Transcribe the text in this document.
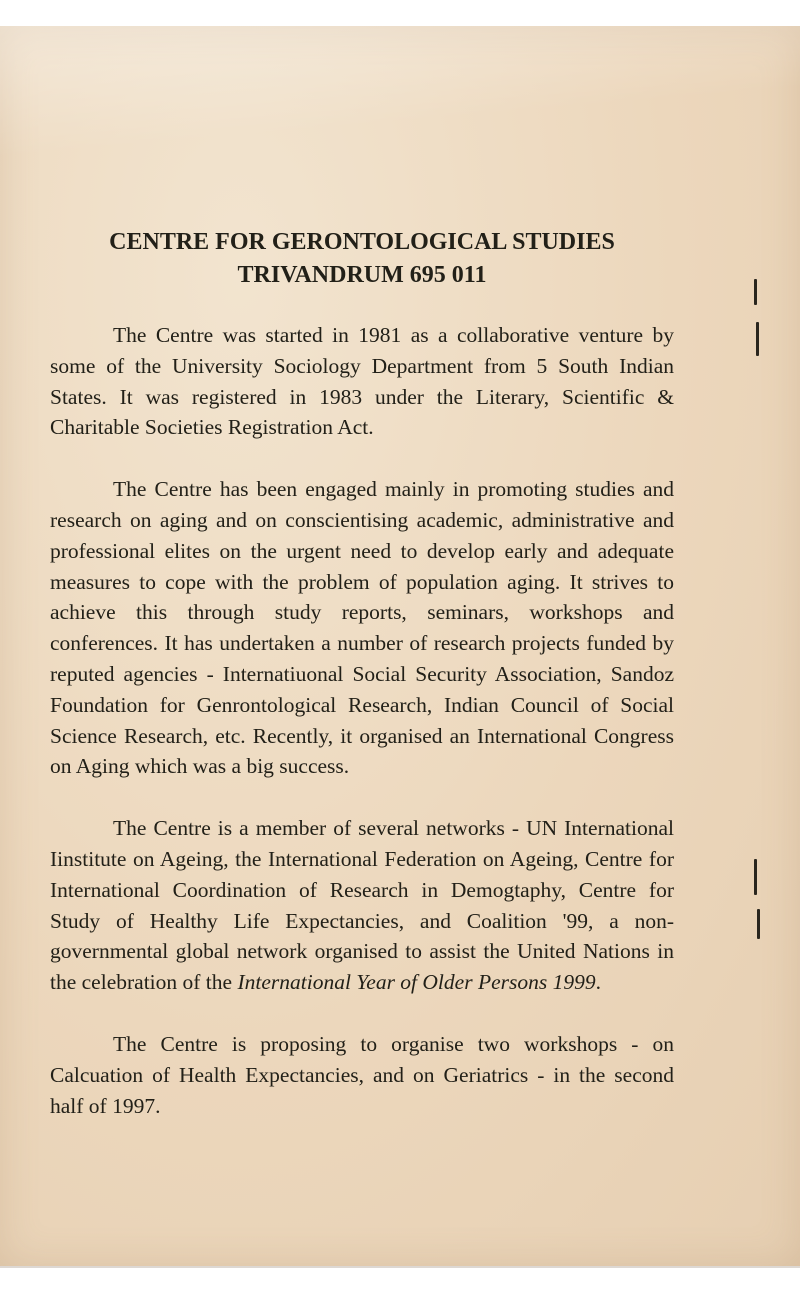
CENTRE FOR GERONTOLOGICAL STUDIES
TRIVANDRUM 695 011

The Centre was started in 1981 as a collaborative venture by some of the University Sociology Department from 5 South Indian States. It was registered in 1983 under the Literary, Scientific & Charitable Societies Registration Act.

The Centre has been engaged mainly in promoting studies and research on aging and on conscientising academic, administrative and professional elites on the urgent need to develop early and adequate measures to cope with the problem of population aging. It strives to achieve this through study reports, seminars, workshops and conferences. It has undertaken a number of research projects funded by reputed agencies - Internatiuonal Social Security Association, Sandoz Foundation for Genrontological Research, Indian Council of Social Science Research, etc. Recently, it organised an International Congress on Aging which was a big success.

The Centre is a member of several networks - UN International Iinstitute on Ageing, the International Federation on Ageing, Centre for International Coordination of Research in Demogtaphy, Centre for Study of Healthy Life Expectancies, and Coalition '99, a non-governmental global network organised to assist the United Nations in the celebration of the International Year of Older Persons 1999.

The Centre is proposing to organise two workshops - on Calcuation of Health Expectancies, and on Geriatrics - in the second half of 1997.
